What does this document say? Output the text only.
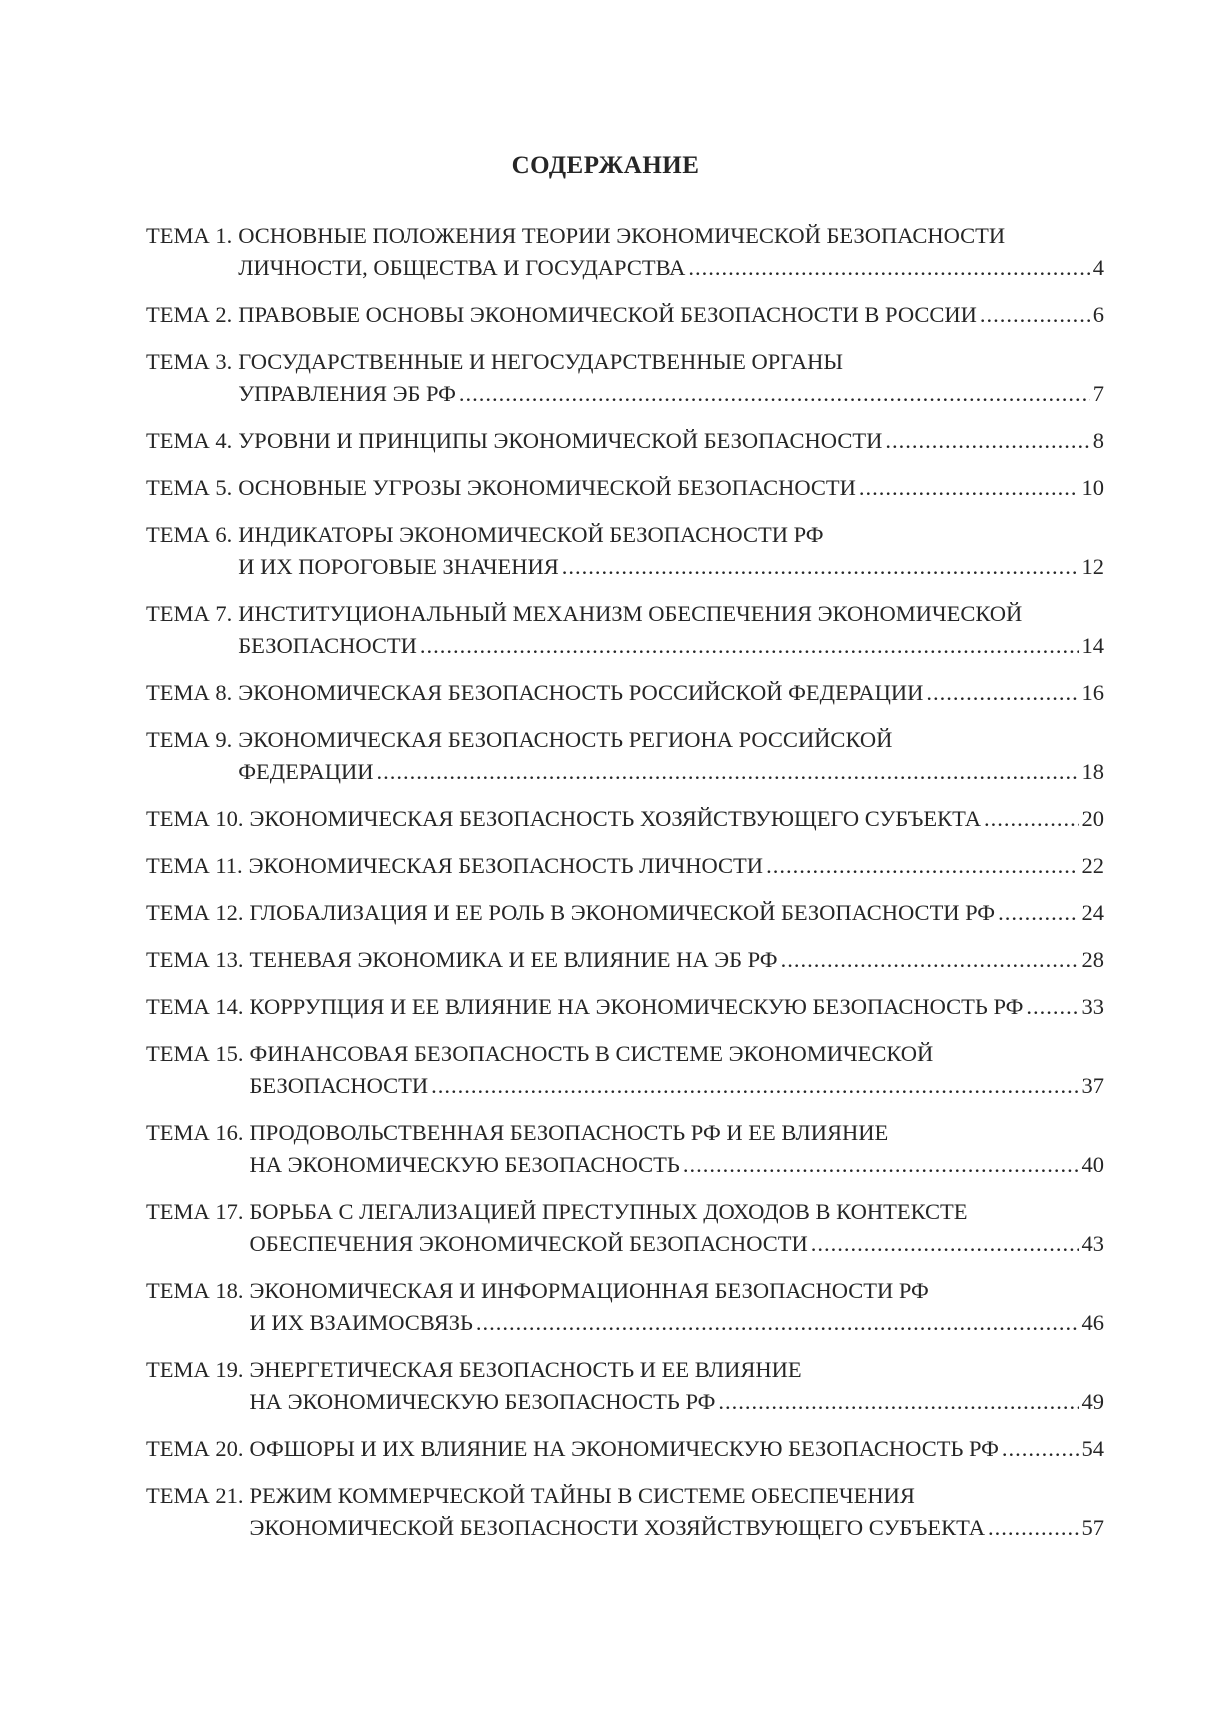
СОДЕРЖАНИЕ
ТЕМА 1. ОСНОВНЫЕ ПОЛОЖЕНИЯ ТЕОРИИ ЭКОНОМИЧЕСКОЙ БЕЗОПАСНОСТИ
ЛИЧНОСТИ, ОБЩЕСТВА И ГОСУДАРСТВА .....	4
ТЕМА 2. ПРАВОВЫЕ ОСНОВЫ ЭКОНОМИЧЕСКОЙ БЕЗОПАСНОСТИ В РОССИИ .....	6
ТЕМА 3. ГОСУДАРСТВЕННЫЕ И НЕГОСУДАРСТВЕННЫЕ ОРГАНЫ
УПРАВЛЕНИЯ ЭБ РФ .....	7
ТЕМА 4. УРОВНИ И ПРИНЦИПЫ ЭКОНОМИЧЕСКОЙ БЕЗОПАСНОСТИ .....	8
ТЕМА 5. ОСНОВНЫЕ УГРОЗЫ ЭКОНОМИЧЕСКОЙ БЕЗОПАСНОСТИ .....	10
ТЕМА 6. ИНДИКАТОРЫ ЭКОНОМИЧЕСКОЙ БЕЗОПАСНОСТИ РФ
И ИХ ПОРОГОВЫЕ ЗНАЧЕНИЯ .....	12
ТЕМА 7. ИНСТИТУЦИОНАЛЬНЫЙ МЕХАНИЗМ ОБЕСПЕЧЕНИЯ ЭКОНОМИЧЕСКОЙ
БЕЗОПАСНОСТИ .....	14
ТЕМА 8. ЭКОНОМИЧЕСКАЯ БЕЗОПАСНОСТЬ РОССИЙСКОЙ ФЕДЕРАЦИИ .....	16
ТЕМА 9. ЭКОНОМИЧЕСКАЯ БЕЗОПАСНОСТЬ РЕГИОНА РОССИЙСКОЙ
ФЕДЕРАЦИИ .....	18
ТЕМА 10. ЭКОНОМИЧЕСКАЯ БЕЗОПАСНОСТЬ ХОЗЯЙСТВУЮЩЕГО СУБЪЕКТА .....	20
ТЕМА 11. ЭКОНОМИЧЕСКАЯ БЕЗОПАСНОСТЬ ЛИЧНОСТИ .....	22
ТЕМА 12. ГЛОБАЛИЗАЦИЯ И ЕЕ РОЛЬ В ЭКОНОМИЧЕСКОЙ БЕЗОПАСНОСТИ РФ .....	24
ТЕМА 13. ТЕНЕВАЯ ЭКОНОМИКА И ЕЕ ВЛИЯНИЕ НА ЭБ РФ .....	28
ТЕМА 14. КОРРУПЦИЯ И ЕЕ ВЛИЯНИЕ НА ЭКОНОМИЧЕСКУЮ БЕЗОПАСНОСТЬ РФ .....	33
ТЕМА 15. ФИНАНСОВАЯ БЕЗОПАСНОСТЬ В СИСТЕМЕ ЭКОНОМИЧЕСКОЙ
БЕЗОПАСНОСТИ .....	37
ТЕМА 16. ПРОДОВОЛЬСТВЕННАЯ БЕЗОПАСНОСТЬ РФ И ЕЕ ВЛИЯНИЕ
НА ЭКОНОМИЧЕСКУЮ БЕЗОПАСНОСТЬ .....	40
ТЕМА 17. БОРЬБА С ЛЕГАЛИЗАЦИЕЙ ПРЕСТУПНЫХ ДОХОДОВ В КОНТЕКСТЕ
ОБЕСПЕЧЕНИЯ ЭКОНОМИЧЕСКОЙ БЕЗОПАСНОСТИ .....	43
ТЕМА 18. ЭКОНОМИЧЕСКАЯ И ИНФОРМАЦИОННАЯ БЕЗОПАСНОСТИ РФ
И ИХ ВЗАИМОСВЯЗЬ .....	46
ТЕМА 19. ЭНЕРГЕТИЧЕСКАЯ БЕЗОПАСНОСТЬ И ЕЕ ВЛИЯНИЕ
НА ЭКОНОМИЧЕСКУЮ БЕЗОПАСНОСТЬ РФ .....	49
ТЕМА 20. ОФШОРЫ И ИХ ВЛИЯНИЕ НА ЭКОНОМИЧЕСКУЮ БЕЗОПАСНОСТЬ РФ .....	54
ТЕМА 21. РЕЖИМ КОММЕРЧЕСКОЙ ТАЙНЫ В СИСТЕМЕ ОБЕСПЕЧЕНИЯ
ЭКОНОМИЧЕСКОЙ БЕЗОПАСНОСТИ ХОЗЯЙСТВУЮЩЕГО СУБЪЕКТА .....	57
